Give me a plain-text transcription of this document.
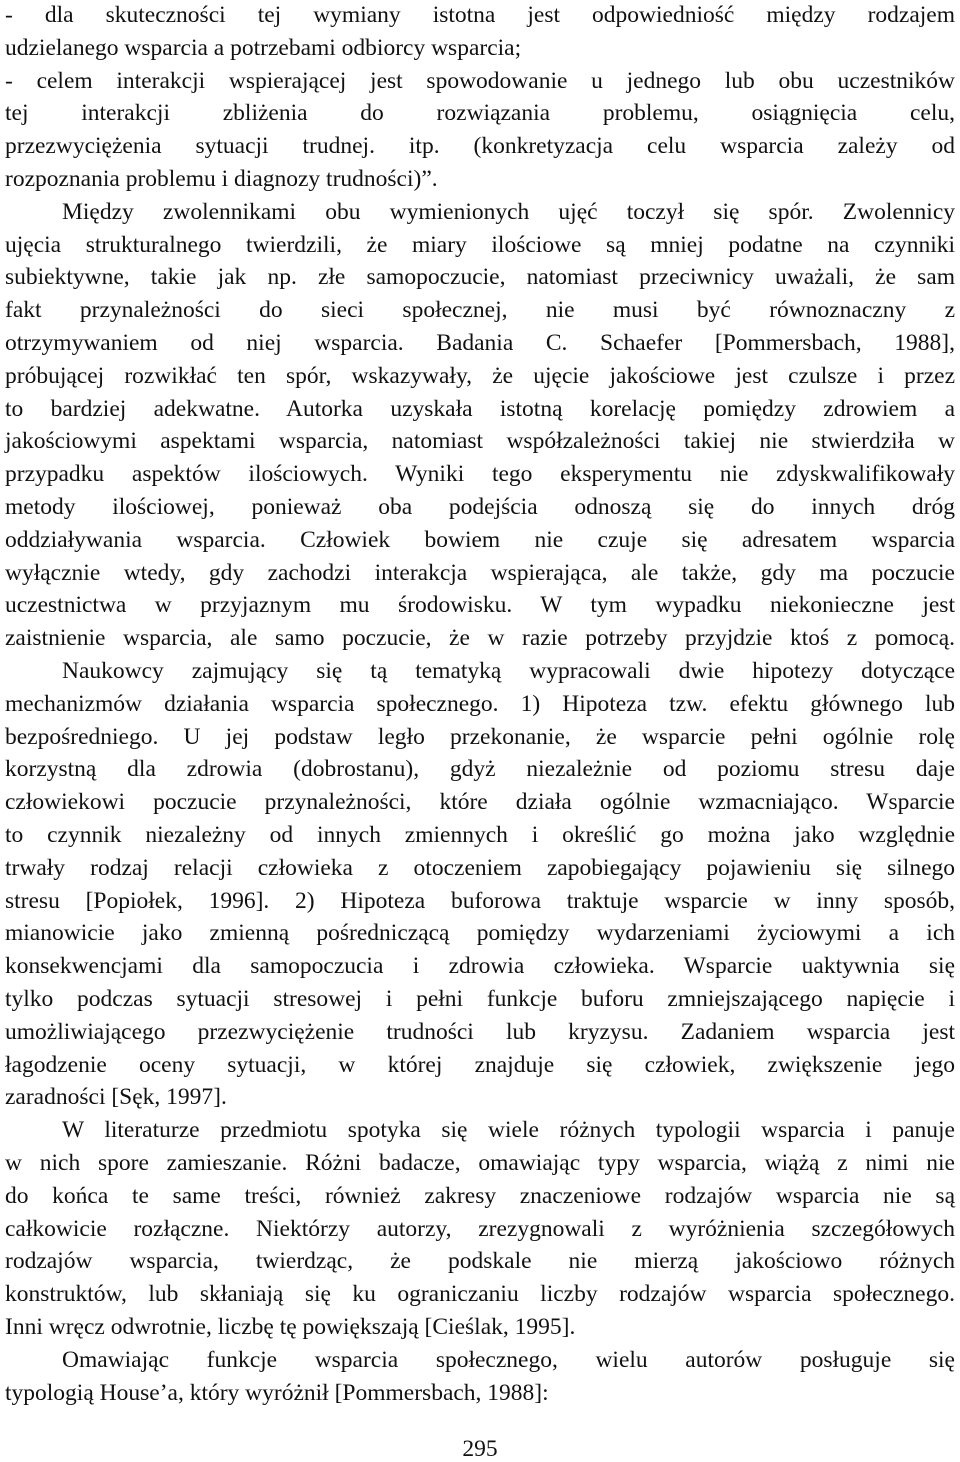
- dla skuteczności tej wymiany istotna jest odpowiedniość między rodzajem
udzielanego wsparcia a potrzebami odbiorcy wsparcia;
- celem interakcji wspierającej jest spowodowanie u jednego lub obu uczestników
tej interakcji zbliżenia do rozwiązania problemu, osiągnięcia celu,
przezwyciężenia sytuacji trudnej. itp. (konkretyzacja celu wsparcia zależy od
rozpoznania problemu i diagnozy trudności)”.
Między zwolennikami obu wymienionych ujęć toczył się spór. Zwolennicy
ujęcia strukturalnego twierdzili, że miary ilościowe są mniej podatne na czynniki
subiektywne, takie jak np. złe samopoczucie, natomiast przeciwnicy uważali, że sam
fakt przynależności do sieci społecznej, nie musi być równoznaczny z
otrzymywaniem od niej wsparcia. Badania C. Schaefer [Pommersbach, 1988],
próbującej rozwikłać ten spór, wskazywały, że ujęcie jakościowe jest czulsze i przez
to bardziej adekwatne. Autorka uzyskała istotną korelację pomiędzy zdrowiem a
jakościowymi aspektami wsparcia, natomiast współzależności takiej nie stwierdziła w
przypadku aspektów ilościowych. Wyniki tego eksperymentu nie zdyskwalifikowały
metody ilościowej, ponieważ oba podejścia odnoszą się do innych dróg
oddziaływania wsparcia. Człowiek bowiem nie czuje się adresatem wsparcia
wyłącznie wtedy, gdy zachodzi interakcja wspierająca, ale także, gdy ma poczucie
uczestnictwa w przyjaznym mu środowisku. W tym wypadku niekonieczne jest
zaistnienie wsparcia, ale samo poczucie, że w razie potrzeby przyjdzie ktoś z pomocą.
Naukowcy zajmujący się tą tematyką wypracowali dwie hipotezy dotyczące
mechanizmów działania wsparcia społecznego. 1) Hipoteza tzw. efektu głównego lub
bezpośredniego. U jej podstaw legło przekonanie, że wsparcie pełni ogólnie rolę
korzystną dla zdrowia (dobrostanu), gdyż niezależnie od poziomu stresu daje
człowiekowi poczucie przynależności, które działa ogólnie wzmacniająco. Wsparcie
to czynnik niezależny od innych zmiennych i określić go można jako względnie
trwały rodzaj relacji człowieka z otoczeniem zapobiegający pojawieniu się silnego
stresu [Popiołek, 1996]. 2) Hipoteza buforowa traktuje wsparcie w inny sposób,
mianowicie jako zmienną pośredniczącą pomiędzy wydarzeniami życiowymi a ich
konsekwencjami dla samopoczucia i zdrowia człowieka. Wsparcie uaktywnia się
tylko podczas sytuacji stresowej i pełni funkcje buforu zmniejszającego napięcie i
umożliwiającego przezwyciężenie trudności lub kryzysu. Zadaniem wsparcia jest
łagodzenie oceny sytuacji, w której znajduje się człowiek, zwiększenie jego
zaradności [Sęk, 1997].
W literaturze przedmiotu spotyka się wiele różnych typologii wsparcia i panuje
w nich spore zamieszanie. Różni badacze, omawiając typy wsparcia, wiążą z nimi nie
do końca te same treści, również zakresy znaczeniowe rodzajów wsparcia nie są
całkowicie rozłączne. Niektórzy autorzy, zrezygnowali z wyróżnienia szczegółowych
rodzajów wsparcia, twierdząc, że podskale nie mierzą jakościowo różnych
konstruktów, lub skłaniają się ku ograniczaniu liczby rodzajów wsparcia społecznego.
Inni wręcz odwrotnie, liczbę tę powiększają [Cieślak, 1995].
Omawiając funkcje wsparcia społecznego, wielu autorów posługuje się
typologią House’a, który wyróżnił [Pommersbach, 1988]:
295
